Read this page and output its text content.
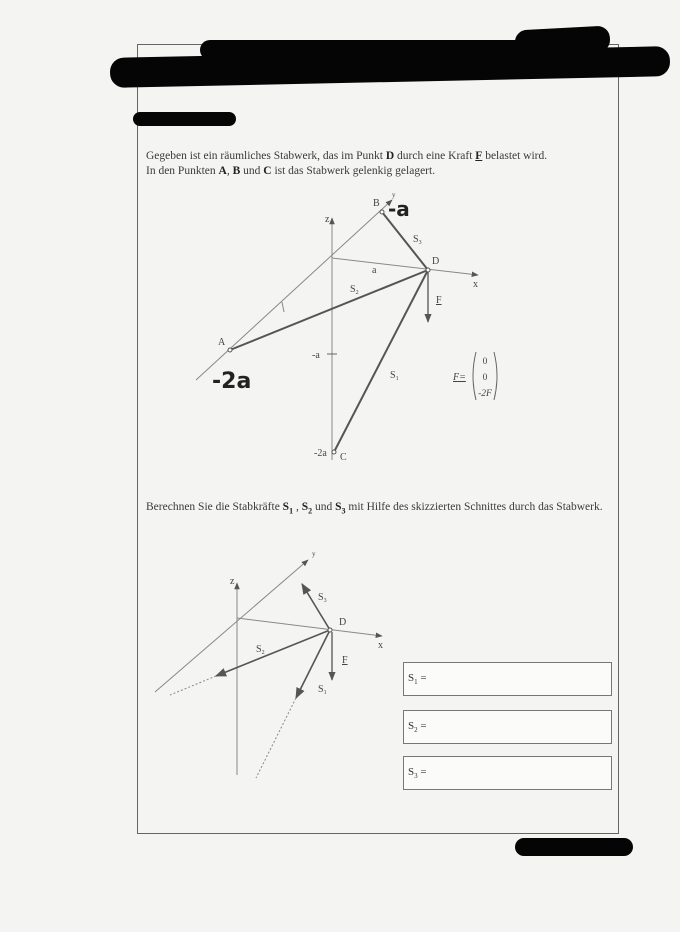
Gegeben ist ein räumliches Stabwerk, das im Punkt D durch eine Kraft F belastet wird.
In den Punkten A, B und C ist das Stabwerk gelenkig gelagert.

Berechnen Sie die Stabkräfte $S_1$ , $S_2$ und $S_3$ mit Hilfe des skizzierten Schnittes durch das Stabwerk.

z
x
y
B
D
A
C
a
$S_3$
$S_2$
$S_1$
F
-a
-2a
-a
-2a	F=
0
0
-2F
z
x
y
D
F
$S_3$
$S_2$
$S_1$
$S_1$ =
$S_2$ =
$S_3$ =
